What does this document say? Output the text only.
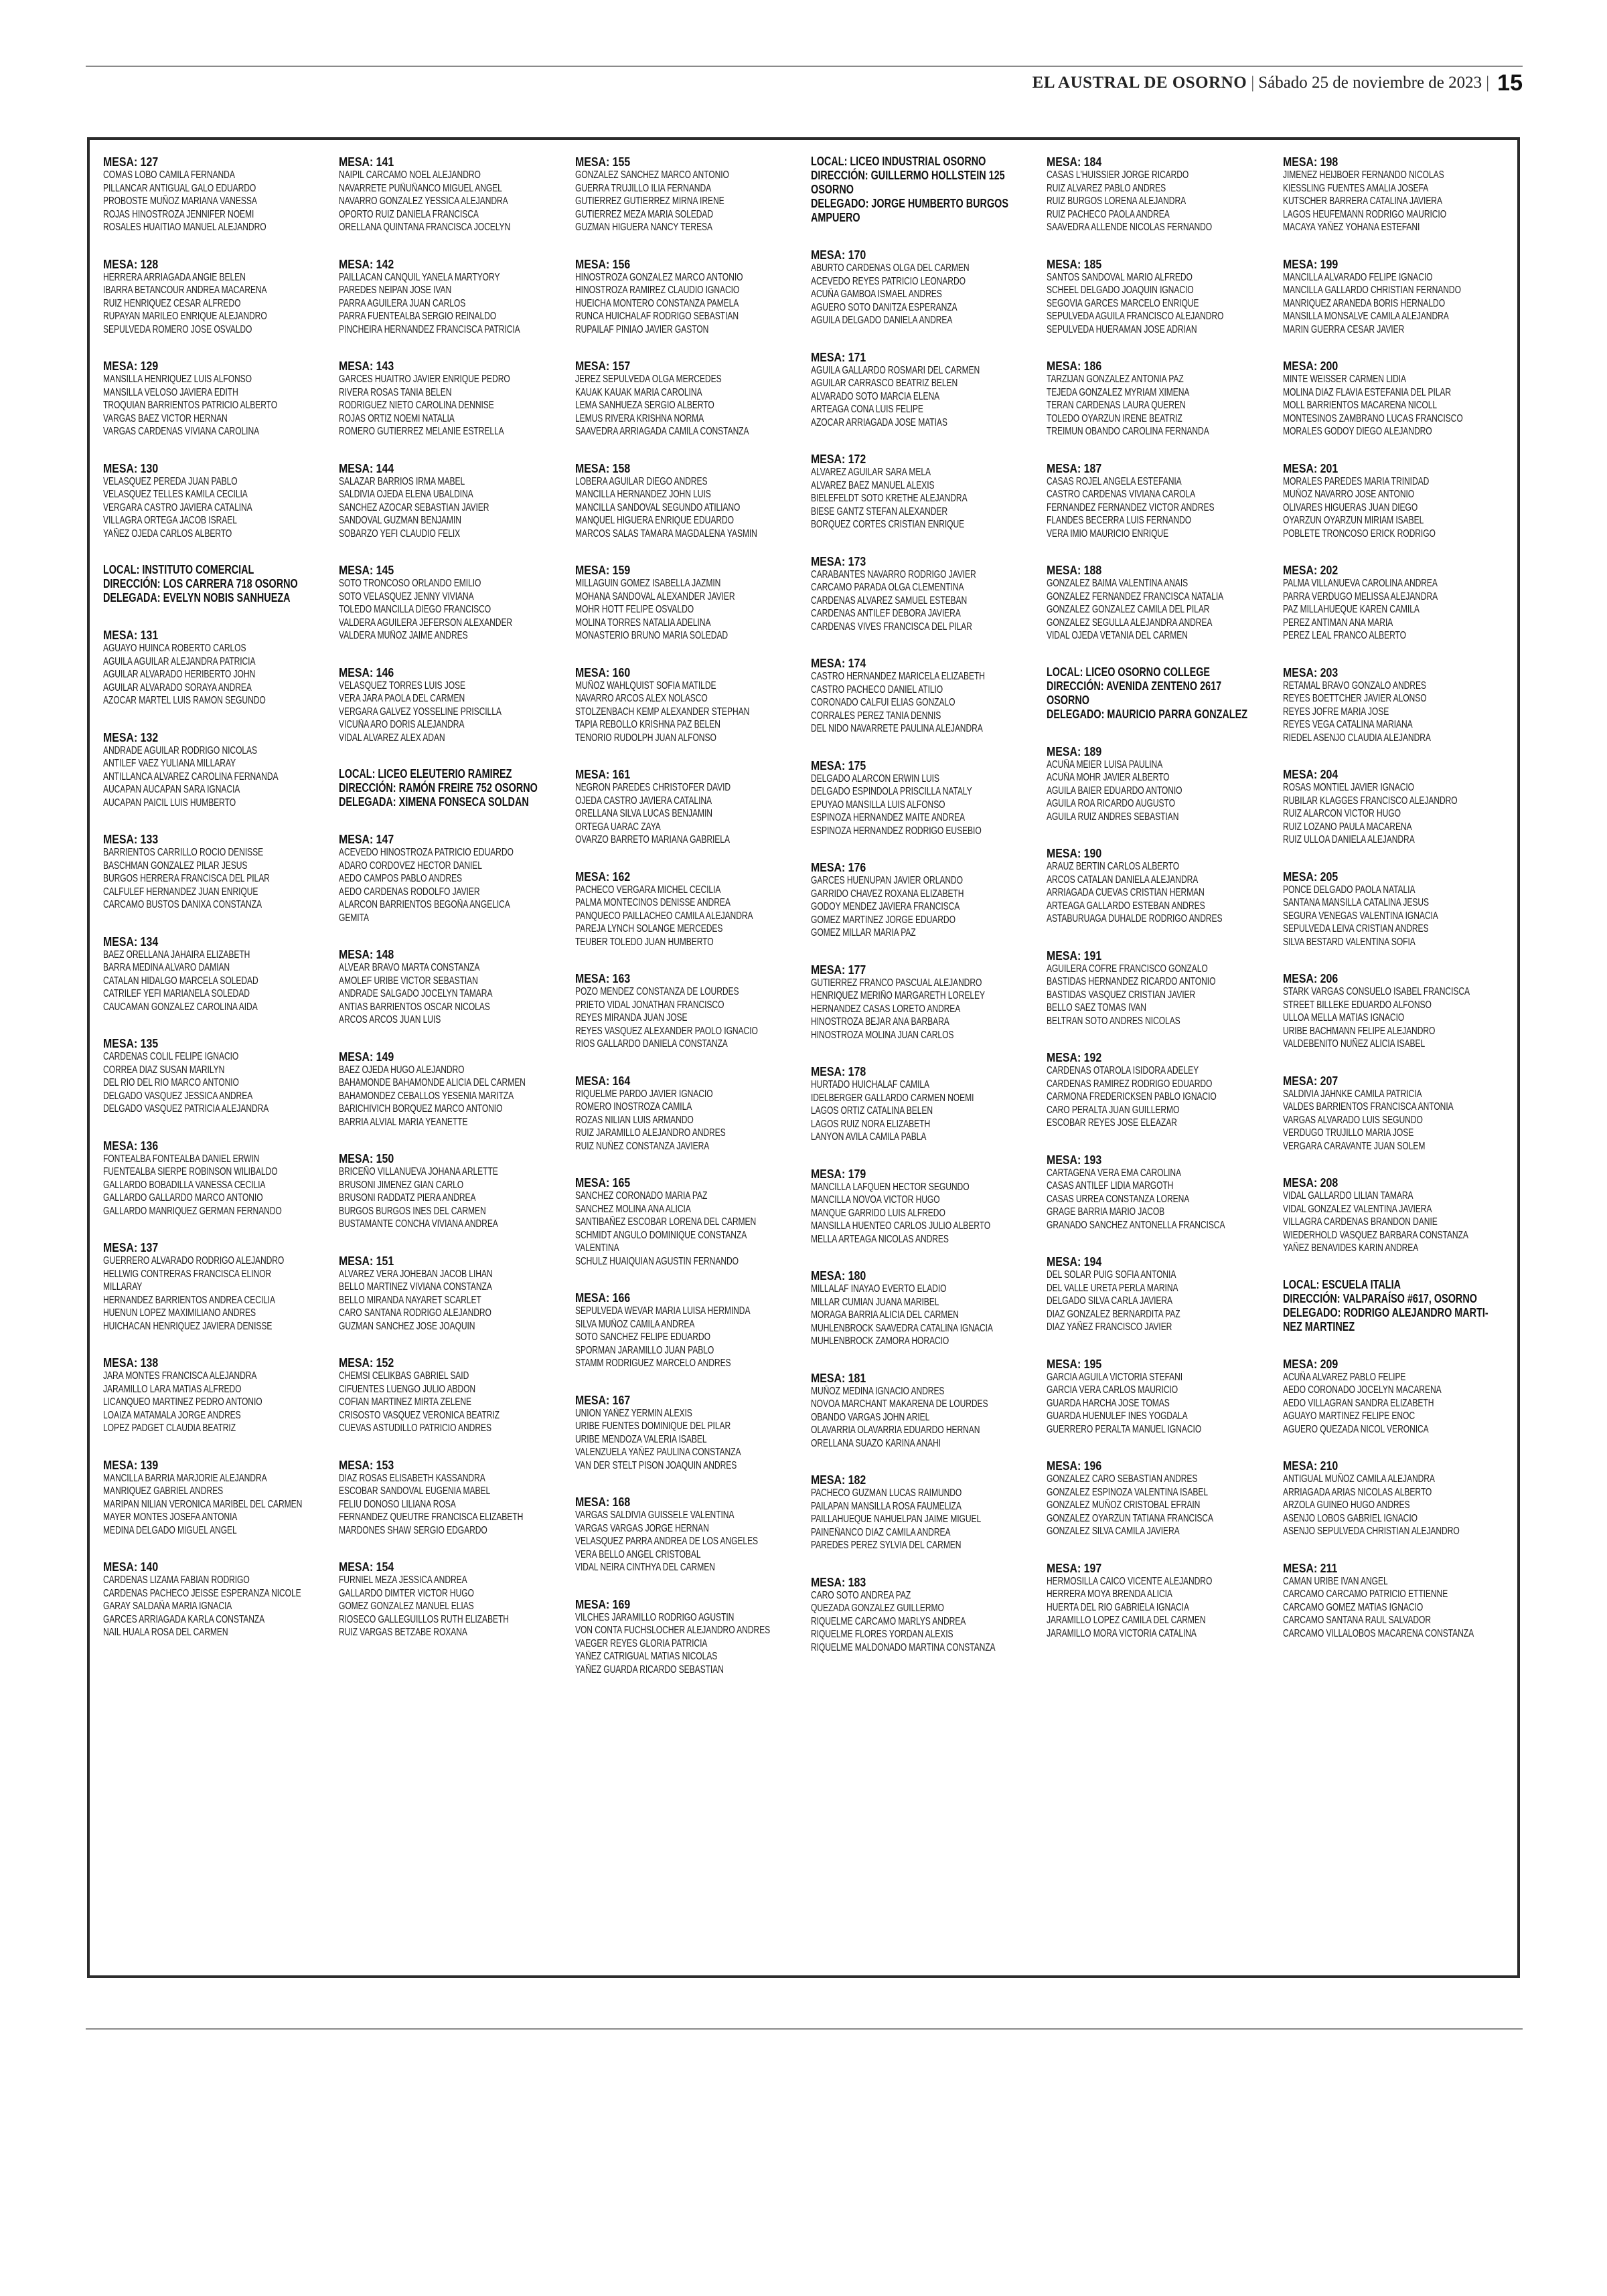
EL AUSTRAL DE OSORNO | Sábado 25 de noviembre de 2023 | 15
MESA: 127
COMAS LOBO CAMILA FERNANDA
PILLANCAR ANTIGUAL GALO EDUARDO
PROBOSTE MUÑOZ MARIANA VANESSA
ROJAS HINOSTROZA JENNIFER NOEMI
ROSALES HUAITIAO MANUEL ALEJANDRO
MESA: 128
HERRERA ARRIAGADA ANGIE BELEN
IBARRA BETANCOUR ANDREA MACARENA
RUIZ HENRIQUEZ CESAR ALFREDO
RUPAYAN MARILEO ENRIQUE ALEJANDRO
SEPULVEDA ROMERO JOSE OSVALDO
MESA: 129
MANSILLA HENRIQUEZ LUIS ALFONSO
MANSILLA VELOSO JAVIERA EDITH
TROQUIAN BARRIENTOS PATRICIO ALBERTO
VARGAS BAEZ VICTOR HERNAN
VARGAS CARDENAS VIVIANA CAROLINA
MESA: 130
VELASQUEZ PEREDA JUAN PABLO
VELASQUEZ TELLES KAMILA CECILIA
VERGARA CASTRO JAVIERA CATALINA
VILLAGRA ORTEGA JACOB ISRAEL
YAÑEZ OJEDA CARLOS ALBERTO
LOCAL: INSTITUTO COMERCIAL
DIRECCIÓN: LOS CARRERA 718 OSORNO
DELEGADA: EVELYN NOBIS SANHUEZA
MESA: 131
AGUAYO HUINCA ROBERTO CARLOS
AGUILA AGUILAR ALEJANDRA PATRICIA
AGUILAR ALVARADO HERIBERTO JOHN
AGUILAR ALVARADO SORAYA ANDREA
AZOCAR MARTEL LUIS RAMON SEGUNDO
MESA: 132
ANDRADE AGUILAR RODRIGO NICOLAS
ANTILEF VAEZ YULIANA MILLARAY
ANTILLANCA ALVAREZ CAROLINA FERNANDA
AUCAPAN AUCAPAN SARA IGNACIA
AUCAPAN PAICIL LUIS HUMBERTO
MESA: 133
BARRIENTOS CARRILLO ROCIO DENISSE
BASCHMAN GONZALEZ PILAR JESUS
BURGOS HERRERA FRANCISCA DEL PILAR
CALFULEF HERNANDEZ JUAN ENRIQUE
CARCAMO BUSTOS DANIXA CONSTANZA
MESA: 134
BAEZ ORELLANA JAHAIRA ELIZABETH
BARRA MEDINA ALVARO DAMIAN
CATALAN HIDALGO MARCELA SOLEDAD
CATRILEF YEFI MARIANELA SOLEDAD
CAUCAMAN GONZALEZ CAROLINA AIDA
MESA: 135
CARDENAS COLIL FELIPE IGNACIO
CORREA DIAZ SUSAN MARILYN
DEL RIO DEL RIO MARCO ANTONIO
DELGADO VASQUEZ JESSICA ANDREA
DELGADO VASQUEZ PATRICIA ALEJANDRA
MESA: 136
FONTEALBA FONTEALBA DANIEL ERWIN
FUENTEALBA SIERPE ROBINSON WILIBALDO
GALLARDO BOBADILLA VANESSA CECILIA
GALLARDO GALLARDO MARCO ANTONIO
GALLARDO MANRIQUEZ GERMAN FERNANDO
MESA: 137
GUERRERO ALVARADO RODRIGO ALEJANDRO
HELLWIG CONTRERAS FRANCISCA ELINOR
MILLARAY
HERNANDEZ BARRIENTOS ANDREA CECILIA
HUENUN LOPEZ MAXIMILIANO ANDRES
HUICHACAN HENRIQUEZ JAVIERA DENISSE
MESA: 138
JARA MONTES FRANCISCA ALEJANDRA
JARAMILLO LARA MATIAS ALFREDO
LICANQUEO MARTINEZ PEDRO ANTONIO
LOAIZA MATAMALA JORGE ANDRES
LOPEZ PADGET CLAUDIA BEATRIZ
MESA: 139
MANCILLA BARRIA MARJORIE ALEJANDRA
MANRIQUEZ GABRIEL ANDRES
MARIPAN NILIAN VERONICA MARIBEL DEL CARMEN
MAYER MONTES JOSEFA ANTONIA
MEDINA DELGADO MIGUEL ANGEL
MESA: 140
CARDENAS LIZAMA FABIAN RODRIGO
CARDENAS PACHECO JEISSE ESPERANZA NICOLE
GARAY SALDAÑA MARIA IGNACIA
GARCES ARRIAGADA KARLA CONSTANZA
NAIL HUALA ROSA DEL CARMEN
MESA: 141
NAIPIL CARCAMO NOEL ALEJANDRO
NAVARRETE PUÑUÑANCO MIGUEL ANGEL
NAVARRO GONZALEZ YESSICA ALEJANDRA
OPORTO RUIZ DANIELA FRANCISCA
ORELLANA QUINTANA FRANCISCA JOCELYN
MESA: 142
PAILLACAN CANQUIL YANELA MARTYORY
PAREDES NEIPAN JOSE IVAN
PARRA AGUILERA JUAN CARLOS
PARRA FUENTEALBA SERGIO REINALDO
PINCHEIRA HERNANDEZ FRANCISCA PATRICIA
MESA: 143
GARCES HUAITRO JAVIER ENRIQUE PEDRO
RIVERA ROSAS TANIA BELEN
RODRIGUEZ NIETO CAROLINA DENNISE
ROJAS ORTIZ NOEMI NATALIA
ROMERO GUTIERREZ MELANIE ESTRELLA
MESA: 144
SALAZAR BARRIOS IRMA MABEL
SALDIVIA OJEDA ELENA UBALDINA
SANCHEZ AZOCAR SEBASTIAN JAVIER
SANDOVAL GUZMAN BENJAMIN
SOBARZO YEFI CLAUDIO FELIX
MESA: 145
SOTO TRONCOSO ORLANDO EMILIO
SOTO VELASQUEZ JENNY VIVIANA
TOLEDO MANCILLA DIEGO FRANCISCO
VALDERA AGUILERA JEFERSON ALEXANDER
VALDERA MUÑOZ JAIME ANDRES
MESA: 146
VELASQUEZ TORRES LUIS JOSE
VERA JARA PAOLA DEL CARMEN
VERGARA GALVEZ YOSSELINE PRISCILLA
VICUÑA ARO DORIS ALEJANDRA
VIDAL ALVAREZ ALEX ADAN
LOCAL: LICEO ELEUTERIO RAMIREZ
DIRECCIÓN: RAMÓN FREIRE 752 OSORNO
DELEGADA: XIMENA FONSECA SOLDAN
MESA: 147
ACEVEDO HINOSTROZA PATRICIO EDUARDO
ADARO CORDOVEZ HECTOR DANIEL
AEDO CAMPOS PABLO ANDRES
AEDO CARDENAS RODOLFO JAVIER
ALARCON BARRIENTOS BEGOÑA ANGELICA
GEMITA
MESA: 148
ALVEAR BRAVO MARTA CONSTANZA
AMOLEF URIBE VICTOR SEBASTIAN
ANDRADE SALGADO JOCELYN TAMARA
ANTIAS BARRIENTOS OSCAR NICOLAS
ARCOS ARCOS JUAN LUIS
MESA: 149
BAEZ OJEDA HUGO ALEJANDRO
BAHAMONDE BAHAMONDE ALICIA DEL CARMEN
BAHAMONDEZ CEBALLOS YESENIA MARITZA
BARICHIVICH BORQUEZ MARCO ANTONIO
BARRIA ALVIAL MARIA YEANETTE
MESA: 150
BRICEÑO VILLANUEVA JOHANA ARLETTE
BRUSONI JIMENEZ GIAN CARLO
BRUSONI RADDATZ PIERA ANDREA
BURGOS BURGOS INES DEL CARMEN
BUSTAMANTE CONCHA VIVIANA ANDREA
MESA: 151
ALVAREZ VERA JOHEBAN JACOB LIHAN
BELLO MARTINEZ VIVIANA CONSTANZA
BELLO MIRANDA NAYARET SCARLET
CARO SANTANA RODRIGO ALEJANDRO
GUZMAN SANCHEZ JOSE JOAQUIN
MESA: 152
CHEMSI CELIKBAS GABRIEL SAID
CIFUENTES LUENGO JULIO ABDON
COFIAN MARTINEZ MIRTA ZELENE
CRISOSTO VASQUEZ VERONICA BEATRIZ
CUEVAS ASTUDILLO PATRICIO ANDRES
MESA: 153
DIAZ ROSAS ELISABETH KASSANDRA
ESCOBAR SANDOVAL EUGENIA MABEL
FELIU DONOSO LILIANA ROSA
FERNANDEZ QUEUTRE FRANCISCA ELIZABETH
MARDONES SHAW SERGIO EDGARDO
MESA: 154
FURNIEL MEZA JESSICA ANDREA
GALLARDO DIMTER VICTOR HUGO
GOMEZ GONZALEZ MANUEL ELIAS
RIOSECO GALLEGUILLOS RUTH ELIZABETH
RUIZ VARGAS BETZABE ROXANA
MESA: 155
GONZALEZ SANCHEZ MARCO ANTONIO
GUERRA TRUJILLO ILIA FERNANDA
GUTIERREZ GUTIERREZ MIRNA IRENE
GUTIERREZ MEZA MARIA SOLEDAD
GUZMAN HIGUERA NANCY TERESA
MESA: 156
HINOSTROZA GONZALEZ MARCO ANTONIO
HINOSTROZA RAMIREZ CLAUDIO IGNACIO
HUEICHA MONTERO CONSTANZA PAMELA
RUNCA HUICHALAF RODRIGO SEBASTIAN
RUPAILAF PINIAO JAVIER GASTON
MESA: 157
JEREZ SEPULVEDA OLGA MERCEDES
KAUAK KAUAK MARIA CAROLINA
LEMA SANHUEZA SERGIO ALBERTO
LEMUS RIVERA KRISHNA NORMA
SAAVEDRA ARRIAGADA CAMILA CONSTANZA
MESA: 158
LOBERA AGUILAR DIEGO ANDRES
MANCILLA HERNANDEZ JOHN LUIS
MANCILLA SANDOVAL SEGUNDO ATILIANO
MANQUEL HIGUERA ENRIQUE EDUARDO
MARCOS SALAS TAMARA MAGDALENA YASMIN
MESA: 159
MILLAGUIN GOMEZ ISABELLA JAZMIN
MOHANA SANDOVAL ALEXANDER JAVIER
MOHR HOTT FELIPE OSVALDO
MOLINA TORRES NATALIA ADELINA
MONASTERIO BRUNO MARIA SOLEDAD
MESA: 160
MUÑOZ WAHLQUIST SOFIA MATILDE
NAVARRO ARCOS ALEX NOLASCO
STOLZENBACH KEMP ALEXANDER STEPHAN
TAPIA REBOLLO KRISHNA PAZ BELEN
TENORIO RUDOLPH JUAN ALFONSO
MESA: 161
NEGRON PAREDES CHRISTOFER DAVID
OJEDA CASTRO JAVIERA CATALINA
ORELLANA SILVA LUCAS BENJAMIN
ORTEGA UARAC ZAYA
OVARZO BARRETO MARIANA GABRIELA
MESA: 162
PACHECO VERGARA MICHEL CECILIA
PALMA MONTECINOS DENISSE ANDREA
PANQUECO PAILLACHEO CAMILA ALEJANDRA
PAREJA LYNCH SOLANGE MERCEDES
TEUBER TOLEDO JUAN HUMBERTO
MESA: 163
POZO MENDEZ CONSTANZA DE LOURDES
PRIETO VIDAL JONATHAN FRANCISCO
REYES MIRANDA JUAN JOSE
REYES VASQUEZ ALEXANDER PAOLO IGNACIO
RIOS GALLARDO DANIELA CONSTANZA
MESA: 164
RIQUELME PARDO JAVIER IGNACIO
ROMERO INOSTROZA CAMILA
ROZAS NILIAN LUIS ARMANDO
RUIZ JARAMILLO ALEJANDRO ANDRES
RUIZ NUÑEZ CONSTANZA JAVIERA
MESA: 165
SANCHEZ CORONADO MARIA PAZ
SANCHEZ MOLINA ANA ALICIA
SANTIBAÑEZ ESCOBAR LORENA DEL CARMEN
SCHMIDT ANGULO DOMINIQUE CONSTANZA
VALENTINA
SCHULZ HUAIQUIAN AGUSTIN FERNANDO
MESA: 166
SEPULVEDA WEVAR MARIA LUISA HERMINDA
SILVA MUÑOZ CAMILA ANDREA
SOTO SANCHEZ FELIPE EDUARDO
SPORMAN JARAMILLO JUAN PABLO
STAMM RODRIGUEZ MARCELO ANDRES
MESA: 167
UNION YAÑEZ YERMIN ALEXIS
URIBE FUENTES DOMINIQUE DEL PILAR
URIBE MENDOZA VALERIA ISABEL
VALENZUELA YAÑEZ PAULINA CONSTANZA
VAN DER STELT PISON JOAQUIN ANDRES
MESA: 168
VARGAS SALDIVIA GUISSELE VALENTINA
VARGAS VARGAS JORGE HERNAN
VELASQUEZ PARRA ANDREA DE LOS ANGELES
VERA BELLO ANGEL CRISTOBAL
VIDAL NEIRA CINTHYA DEL CARMEN
MESA: 169
VILCHES JARAMILLO RODRIGO AGUSTIN
VON CONTA FUCHSLOCHER ALEJANDRO ANDRES
VAEGER REYES GLORIA PATRICIA
YAÑEZ CATRIGUAL MATIAS NICOLAS
YAÑEZ GUARDA RICARDO SEBASTIAN
LOCAL: LICEO INDUSTRIAL OSORNO
DIRECCIÓN: GUILLERMO HOLLSTEIN 125
OSORNO
DELEGADO: JORGE HUMBERTO BURGOS
AMPUERO
MESA: 170
ABURTO CARDENAS OLGA DEL CARMEN
ACEVEDO REYES PATRICIO LEONARDO
ACUÑA GAMBOA ISMAEL ANDRES
AGUERO SOTO DANITZA ESPERANZA
AGUILA DELGADO DANIELA ANDREA
MESA: 171
AGUILA GALLARDO ROSMARI DEL CARMEN
AGUILAR CARRASCO BEATRIZ BELEN
ALVARADO SOTO MARCIA ELENA
ARTEAGA CONA LUIS FELIPE
AZOCAR ARRIAGADA JOSE MATIAS
MESA: 172
ALVAREZ AGUILAR SARA MELA
ALVAREZ BAEZ MANUEL ALEXIS
BIELEFELDT SOTO KRETHE ALEJANDRA
BIESE GANTZ STEFAN ALEXANDER
BORQUEZ CORTES CRISTIAN ENRIQUE
MESA: 173
CARABANTES NAVARRO RODRIGO JAVIER
CARCAMO PARADA OLGA CLEMENTINA
CARDENAS ALVAREZ SAMUEL ESTEBAN
CARDENAS ANTILEF DEBORA JAVIERA
CARDENAS VIVES FRANCISCA DEL PILAR
MESA: 174
CASTRO HERNANDEZ MARICELA ELIZABETH
CASTRO PACHECO DANIEL ATILIO
CORONADO CALFUI ELIAS GONZALO
CORRALES PEREZ TANIA DENNIS
DEL NIDO NAVARRETE PAULINA ALEJANDRA
MESA: 175
DELGADO ALARCON ERWIN LUIS
DELGADO ESPINDOLA PRISCILLA NATALY
EPUYAO MANSILLA LUIS ALFONSO
ESPINOZA HERNANDEZ MAITE ANDREA
ESPINOZA HERNANDEZ RODRIGO EUSEBIO
MESA: 176
GARCES HUENUPAN JAVIER ORLANDO
GARRIDO CHAVEZ ROXANA ELIZABETH
GODOY MENDEZ JAVIERA FRANCISCA
GOMEZ MARTINEZ JORGE EDUARDO
GOMEZ MILLAR MARIA PAZ
MESA: 177
GUTIERREZ FRANCO PASCUAL ALEJANDRO
HENRIQUEZ MERIÑO MARGARETH LORELEY
HERNANDEZ CASAS LORETO ANDREA
HINOSTROZA BEJAR ANA BARBARA
HINOSTROZA MOLINA JUAN CARLOS
MESA: 178
HURTADO HUICHALAF CAMILA
IDELBERGER GALLARDO CARMEN NOEMI
LAGOS ORTIZ CATALINA BELEN
LAGOS RUIZ NORA ELIZABETH
LANYON AVILA CAMILA PABLA
MESA: 179
MANCILLA LAFQUEN HECTOR SEGUNDO
MANCILLA NOVOA VICTOR HUGO
MANQUE GARRIDO LUIS ALFREDO
MANSILLA HUENTEO CARLOS JULIO ALBERTO
MELLA ARTEAGA NICOLAS ANDRES
MESA: 180
MILLALAF INAYAO EVERTO ELADIO
MILLAR CUMIAN JUANA MARIBEL
MORAGA BARRIA ALICIA DEL CARMEN
MUHLENBROCK SAAVEDRA CATALINA IGNACIA
MUHLENBROCK ZAMORA HORACIO
MESA: 181
MUÑOZ MEDINA IGNACIO ANDRES
NOVOA MARCHANT MAKARENA DE LOURDES
OBANDO VARGAS JOHN ARIEL
OLAVARRIA OLAVARRIA EDUARDO HERNAN
ORELLANA SUAZO KARINA ANAHI
MESA: 182
PACHECO GUZMAN LUCAS RAIMUNDO
PAILAPAN MANSILLA ROSA FAUMELIZA
PAILLAHUEQUE NAHUELPAN JAIME MIGUEL
PAINEÑANCO DIAZ CAMILA ANDREA
PAREDES PEREZ SYLVIA DEL CARMEN
MESA: 183
CARO SOTO ANDREA PAZ
QUEZADA GONZALEZ GUILLERMO
RIQUELME CARCAMO MARLYS ANDREA
RIQUELME FLORES YORDAN ALEXIS
RIQUELME MALDONADO MARTINA CONSTANZA
MESA: 184
CASAS L'HUISSIER JORGE RICARDO
RUIZ ALVAREZ PABLO ANDRES
RUIZ BURGOS LORENA ALEJANDRA
RUIZ PACHECO PAOLA ANDREA
SAAVEDRA ALLENDE NICOLAS FERNANDO
MESA: 185
SANTOS SANDOVAL MARIO ALFREDO
SCHEEL DELGADO JOAQUIN IGNACIO
SEGOVIA GARCES MARCELO ENRIQUE
SEPULVEDA AGUILA FRANCISCO ALEJANDRO
SEPULVEDA HUERAMAN JOSE ADRIAN
MESA: 186
TARZIJAN GONZALEZ ANTONIA PAZ
TEJEDA GONZALEZ MYRIAM XIMENA
TERAN CARDENAS LAURA QUEREN
TOLEDO OYARZUN IRENE BEATRIZ
TREIMUN OBANDO CAROLINA FERNANDA
MESA: 187
CASAS ROJEL ANGELA ESTEFANIA
CASTRO CARDENAS VIVIANA CAROLA
FERNANDEZ FERNANDEZ VICTOR ANDRES
FLANDES BECERRA LUIS FERNANDO
VERA IMIO MAURICIO ENRIQUE
MESA: 188
GONZALEZ BAIMA VALENTINA ANAIS
GONZALEZ FERNANDEZ FRANCISCA NATALIA
GONZALEZ GONZALEZ CAMILA DEL PILAR
GONZALEZ SEGULLA ALEJANDRA ANDREA
VIDAL OJEDA VETANIA DEL CARMEN
LOCAL: LICEO OSORNO COLLEGE
DIRECCIÓN: AVENIDA ZENTENO 2617
OSORNO
DELEGADO: MAURICIO PARRA GONZALEZ
MESA: 189
ACUÑA MEIER LUISA PAULINA
ACUÑA MOHR JAVIER ALBERTO
AGUILA BAIER EDUARDO ANTONIO
AGUILA ROA RICARDO AUGUSTO
AGUILA RUIZ ANDRES SEBASTIAN
MESA: 190
ARAUZ BERTIN CARLOS ALBERTO
ARCOS CATALAN DANIELA ALEJANDRA
ARRIAGADA CUEVAS CRISTIAN HERMAN
ARTEAGA GALLARDO ESTEBAN ANDRES
ASTABURUAGA DUHALDE RODRIGO ANDRES
MESA: 191
AGUILERA COFRE FRANCISCO GONZALO
BASTIDAS HERNANDEZ RICARDO ANTONIO
BASTIDAS VASQUEZ CRISTIAN JAVIER
BELLO SAEZ TOMAS IVAN
BELTRAN SOTO ANDRES NICOLAS
MESA: 192
CARDENAS OTAROLA ISIDORA ADELEY
CARDENAS RAMIREZ RODRIGO EDUARDO
CARMONA FREDERICKSEN PABLO IGNACIO
CARO PERALTA JUAN GUILLERMO
ESCOBAR REYES JOSE ELEAZAR
MESA: 193
CARTAGENA VERA EMA CAROLINA
CASAS ANTILEF LIDIA MARGOTH
CASAS URREA CONSTANZA LORENA
GRAGE BARRIA MARIO JACOB
GRANADO SANCHEZ ANTONELLA FRANCISCA
MESA: 194
DEL SOLAR PUIG SOFIA ANTONIA
DEL VALLE URETA PERLA MARINA
DELGADO SILVA CARLA JAVIERA
DIAZ GONZALEZ BERNARDITA PAZ
DIAZ YAÑEZ FRANCISCO JAVIER
MESA: 195
GARCIA AGUILA VICTORIA STEFANI
GARCIA VERA CARLOS MAURICIO
GUARDA HARCHA JOSE TOMAS
GUARDA HUENULEF INES YOGDALA
GUERRERO PERALTA MANUEL IGNACIO
MESA: 196
GONZALEZ CARO SEBASTIAN ANDRES
GONZALEZ ESPINOZA VALENTINA ISABEL
GONZALEZ MUÑOZ CRISTOBAL EFRAIN
GONZALEZ OYARZUN TATIANA FRANCISCA
GONZALEZ SILVA CAMILA JAVIERA
MESA: 197
HERMOSILLA CAICO VICENTE ALEJANDRO
HERRERA MOYA BRENDA ALICIA
HUERTA DEL RIO GABRIELA IGNACIA
JARAMILLO LOPEZ CAMILA DEL CARMEN
JARAMILLO MORA VICTORIA CATALINA
MESA: 198
JIMENEZ HEIJBOER FERNANDO NICOLAS
KIESSLING FUENTES AMALIA JOSEFA
KUTSCHER BARRERA CATALINA JAVIERA
LAGOS HEUFEMANN RODRIGO MAURICIO
MACAYA YAÑEZ YOHANA ESTEFANI
MESA: 199
MANCILLA ALVARADO FELIPE IGNACIO
MANCILLA GALLARDO CHRISTIAN FERNANDO
MANRIQUEZ ARANEDA BORIS HERNALDO
MANSILLA MONSALVE CAMILA ALEJANDRA
MARIN GUERRA CESAR JAVIER
MESA: 200
MINTE WEISSER CARMEN LIDIA
MOLINA DIAZ FLAVIA ESTEFANIA DEL PILAR
MOLL BARRIENTOS MACARENA NICOLL
MONTESINOS ZAMBRANO LUCAS FRANCISCO
MORALES GODOY DIEGO ALEJANDRO
MESA: 201
MORALES PAREDES MARIA TRINIDAD
MUÑOZ NAVARRO JOSE ANTONIO
OLIVARES HIGUERAS JUAN DIEGO
OYARZUN OYARZUN MIRIAM ISABEL
POBLETE TRONCOSO ERICK RODRIGO
MESA: 202
PALMA VILLANUEVA CAROLINA ANDREA
PARRA VERDUGO MELISSA ALEJANDRA
PAZ MILLAHUEQUE KAREN CAMILA
PEREZ ANTIMAN ANA MARIA
PEREZ LEAL FRANCO ALBERTO
MESA: 203
RETAMAL BRAVO GONZALO ANDRES
REYES BOETTCHER JAVIER ALONSO
REYES JOFRE MARIA JOSE
REYES VEGA CATALINA MARIANA
RIEDEL ASENJO CLAUDIA ALEJANDRA
MESA: 204
ROSAS MONTIEL JAVIER IGNACIO
RUBILAR KLAGGES FRANCISCO ALEJANDRO
RUIZ ALARCON VICTOR HUGO
RUIZ LOZANO PAULA MACARENA
RUIZ ULLOA DANIELA ALEJANDRA
MESA: 205
PONCE DELGADO PAOLA NATALIA
SANTANA MANSILLA CATALINA JESUS
SEGURA VENEGAS VALENTINA IGNACIA
SEPULVEDA LEIVA CRISTIAN ANDRES
SILVA BESTARD VALENTINA SOFIA
MESA: 206
STARK VARGAS CONSUELO ISABEL FRANCISCA
STREET BILLEKE EDUARDO ALFONSO
ULLOA MELLA MATIAS IGNACIO
URIBE BACHMANN FELIPE ALEJANDRO
VALDEBENITO NUÑEZ ALICIA ISABEL
MESA: 207
SALDIVIA JAHNKE CAMILA PATRICIA
VALDES BARRIENTOS FRANCISCA ANTONIA
VARGAS ALVARADO LUIS SEGUNDO
VERDUGO TRUJILLO MARIA JOSE
VERGARA CARAVANTE JUAN SOLEM
MESA: 208
VIDAL GALLARDO LILIAN TAMARA
VIDAL GONZALEZ VALENTINA JAVIERA
VILLAGRA CARDENAS BRANDON DANIE
WIEDERHOLD VASQUEZ BARBARA CONSTANZA
YAÑEZ BENAVIDES KARIN ANDREA
LOCAL: ESCUELA ITALIA
DIRECCIÓN: VALPARAÍSO #617, OSORNO
DELEGADO: RODRIGO ALEJANDRO MARTI-
NEZ MARTINEZ
MESA: 209
ACUÑA ALVAREZ PABLO FELIPE
AEDO CORONADO JOCELYN MACARENA
AEDO VILLAGRAN SANDRA ELIZABETH
AGUAYO MARTINEZ FELIPE ENOC
AGUERO QUEZADA NICOL VERONICA
MESA: 210
ANTIGUAL MUÑOZ CAMILA ALEJANDRA
ARRIAGADA ARIAS NICOLAS ALBERTO
ARZOLA GUINEO HUGO ANDRES
ASENJO LOBOS GABRIEL IGNACIO
ASENJO SEPULVEDA CHRISTIAN ALEJANDRO
MESA: 211
CAMAN URIBE IVAN ANGEL
CARCAMO CARCAMO PATRICIO ETTIENNE
CARCAMO GOMEZ MATIAS IGNACIO
CARCAMO SANTANA RAUL SALVADOR
CARCAMO VILLALOBOS MACARENA CONSTANZA
